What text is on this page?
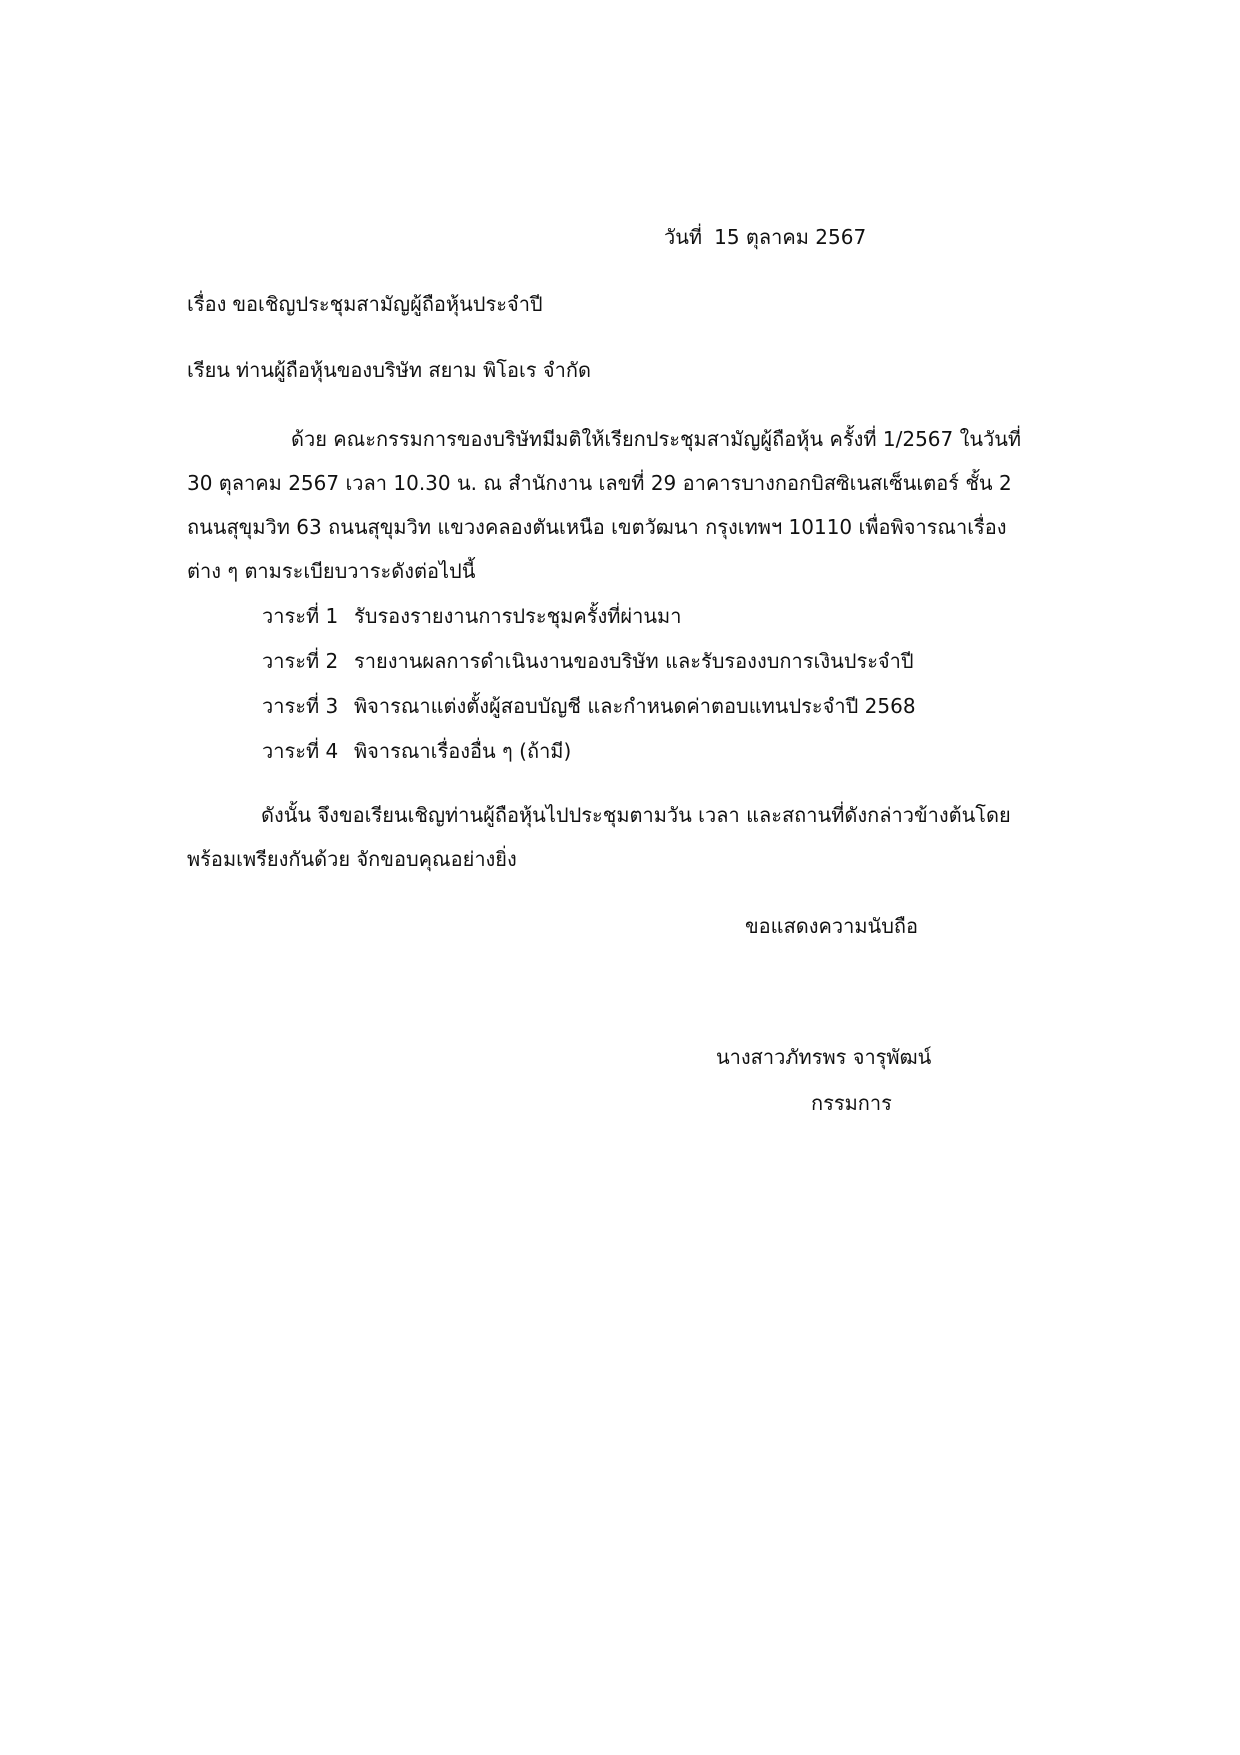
วันที่ 15 ตุลาคม 2567
เรื่อง ขอเชิญประชุมสามัญผู้ถือหุ้นประจำปี
เรียน ท่านผู้ถือหุ้นของบริษัท สยาม พิโอเร จำกัด
ด้วย คณะกรรมการของบริษัทมีมติให้เรียกประชุมสามัญผู้ถือหุ้น ครั้งที่ 1/2567 ในวันที่
30 ตุลาคม 2567 เวลา 10.30 น. ณ สำนักงาน เลขที่ 29 อาคารบางกอกบิสซิเนสเซ็นเตอร์ ชั้น 2
ถนนสุขุมวิท 63 ถนนสุขุมวิท แขวงคลองตันเหนือ เขตวัฒนา กรุงเทพฯ 10110 เพื่อพิจารณาเรื่อง
ต่าง ๆ ตามระเบียบวาระดังต่อไปนี้
วาระที่ 1 รับรองรายงานการประชุมครั้งที่ผ่านมา
วาระที่ 2 รายงานผลการดำเนินงานของบริษัท และรับรองงบการเงินประจำปี
วาระที่ 3 พิจารณาแต่งตั้งผู้สอบบัญชี และกำหนดค่าตอบแทนประจำปี 2568
วาระที่ 4 พิจารณาเรื่องอื่น ๆ (ถ้ามี)
ดังนั้น จึงขอเรียนเชิญท่านผู้ถือหุ้นไปประชุมตามวัน เวลา และสถานที่ดังกล่าวข้างต้นโดย
พร้อมเพรียงกันด้วย จักขอบคุณอย่างยิ่ง
ขอแสดงความนับถือ
นางสาวภัทรพร จารุพัฒน์
กรรมการ
